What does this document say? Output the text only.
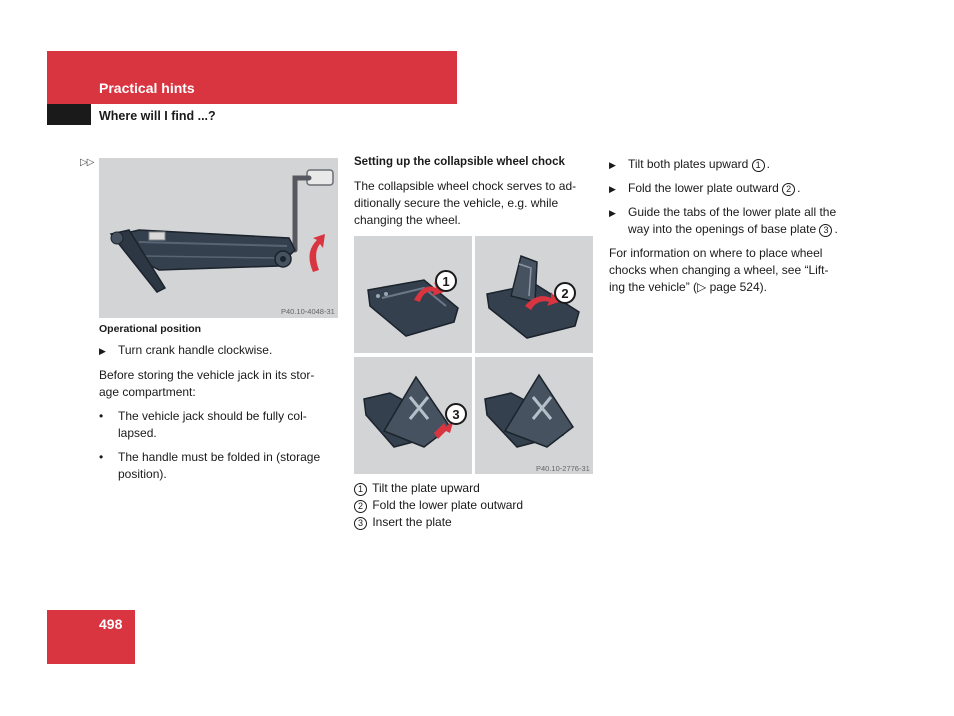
Practical hints
Where will I find ...?
▷▷
P40.10-4048-31
Operational position
▶	Turn crank handle clockwise.
Before storing the vehicle jack in its stor-
age compartment:
•	The vehicle jack should be fully col-
lapsed.
•	The handle must be folded in (storage
position).
Setting up the collapsible wheel chock
The collapsible wheel chock serves to ad-
ditionally secure the vehicle, e.g. while
changing the wheel.
1
2
3
P40.10-2776-31
1 Tilt the plate upward
2 Fold the lower plate outward
3 Insert the plate
▶	Tilt both plates upward 1 .
▶	Fold the lower plate outward 2 .
▶	Guide the tabs of the lower plate all the
way into the openings of base plate 3 .
For information on where to place wheel
chocks when changing a wheel, see “Lift-
ing the vehicle” (▷ page 524).
498
